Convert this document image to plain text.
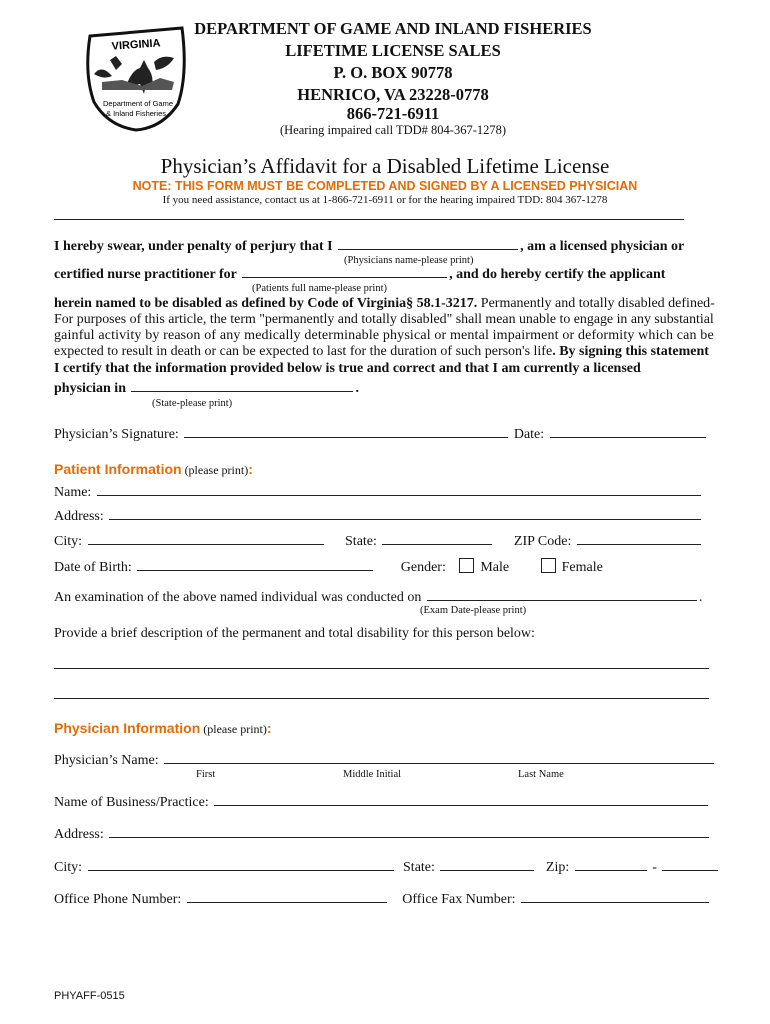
VIRGINIA
Department of Game
& Inland Fisheries
DEPARTMENT OF GAME AND INLAND FISHERIES
LIFETIME LICENSE SALES
P. O. BOX 90778
HENRICO, VA 23228-0778
866-721-6911
(Hearing impaired call TDD# 804-367-1278)
Physician’s Affidavit for a Disabled Lifetime License
NOTE: THIS FORM MUST BE COMPLETED AND SIGNED BY A LICENSED PHYSICIAN
If you need assistance, contact us at 1-866-721-6911 or for the hearing impaired TDD: 804 367-1278
I hereby swear, under penalty of perjury that I	, am a licensed physician or
(Physicians name-please print)
certified nurse practitioner for	, and do hereby certify the applicant
(Patients full name-please print)
herein named to be disabled as defined by Code of Virginia§ 58.1-3217. Permanently and totally disabled defined-
For purposes of this article, the term "permanently and totally disabled" shall mean unable to engage in any substantial
gainful activity by reason of any medically determinable physical or mental impairment or deformity which can be
expected to result in death or can be expected to last for the duration of such person's life. By signing this statement
I certify that the information provided below is true and correct and that I am currently a licensed
physician in	.
(State-please print)
Physician’s Signature:	Date:
Patient Information (please print):
Name:
Address:
City:	State:	ZIP Code:
Date of Birth:	Gender: Male	Female
An examination of the above named individual was conducted on	.
(Exam Date-please print)
Provide a brief description of the permanent and total disability for this person below:
Physician Information (please print):
Physician’s Name:
First	Middle Initial	Last Name
Name of Business/Practice:
Address:
City:	State:	Zip:	-
Office Phone Number:	Office Fax Number:
PHYAFF-0515
